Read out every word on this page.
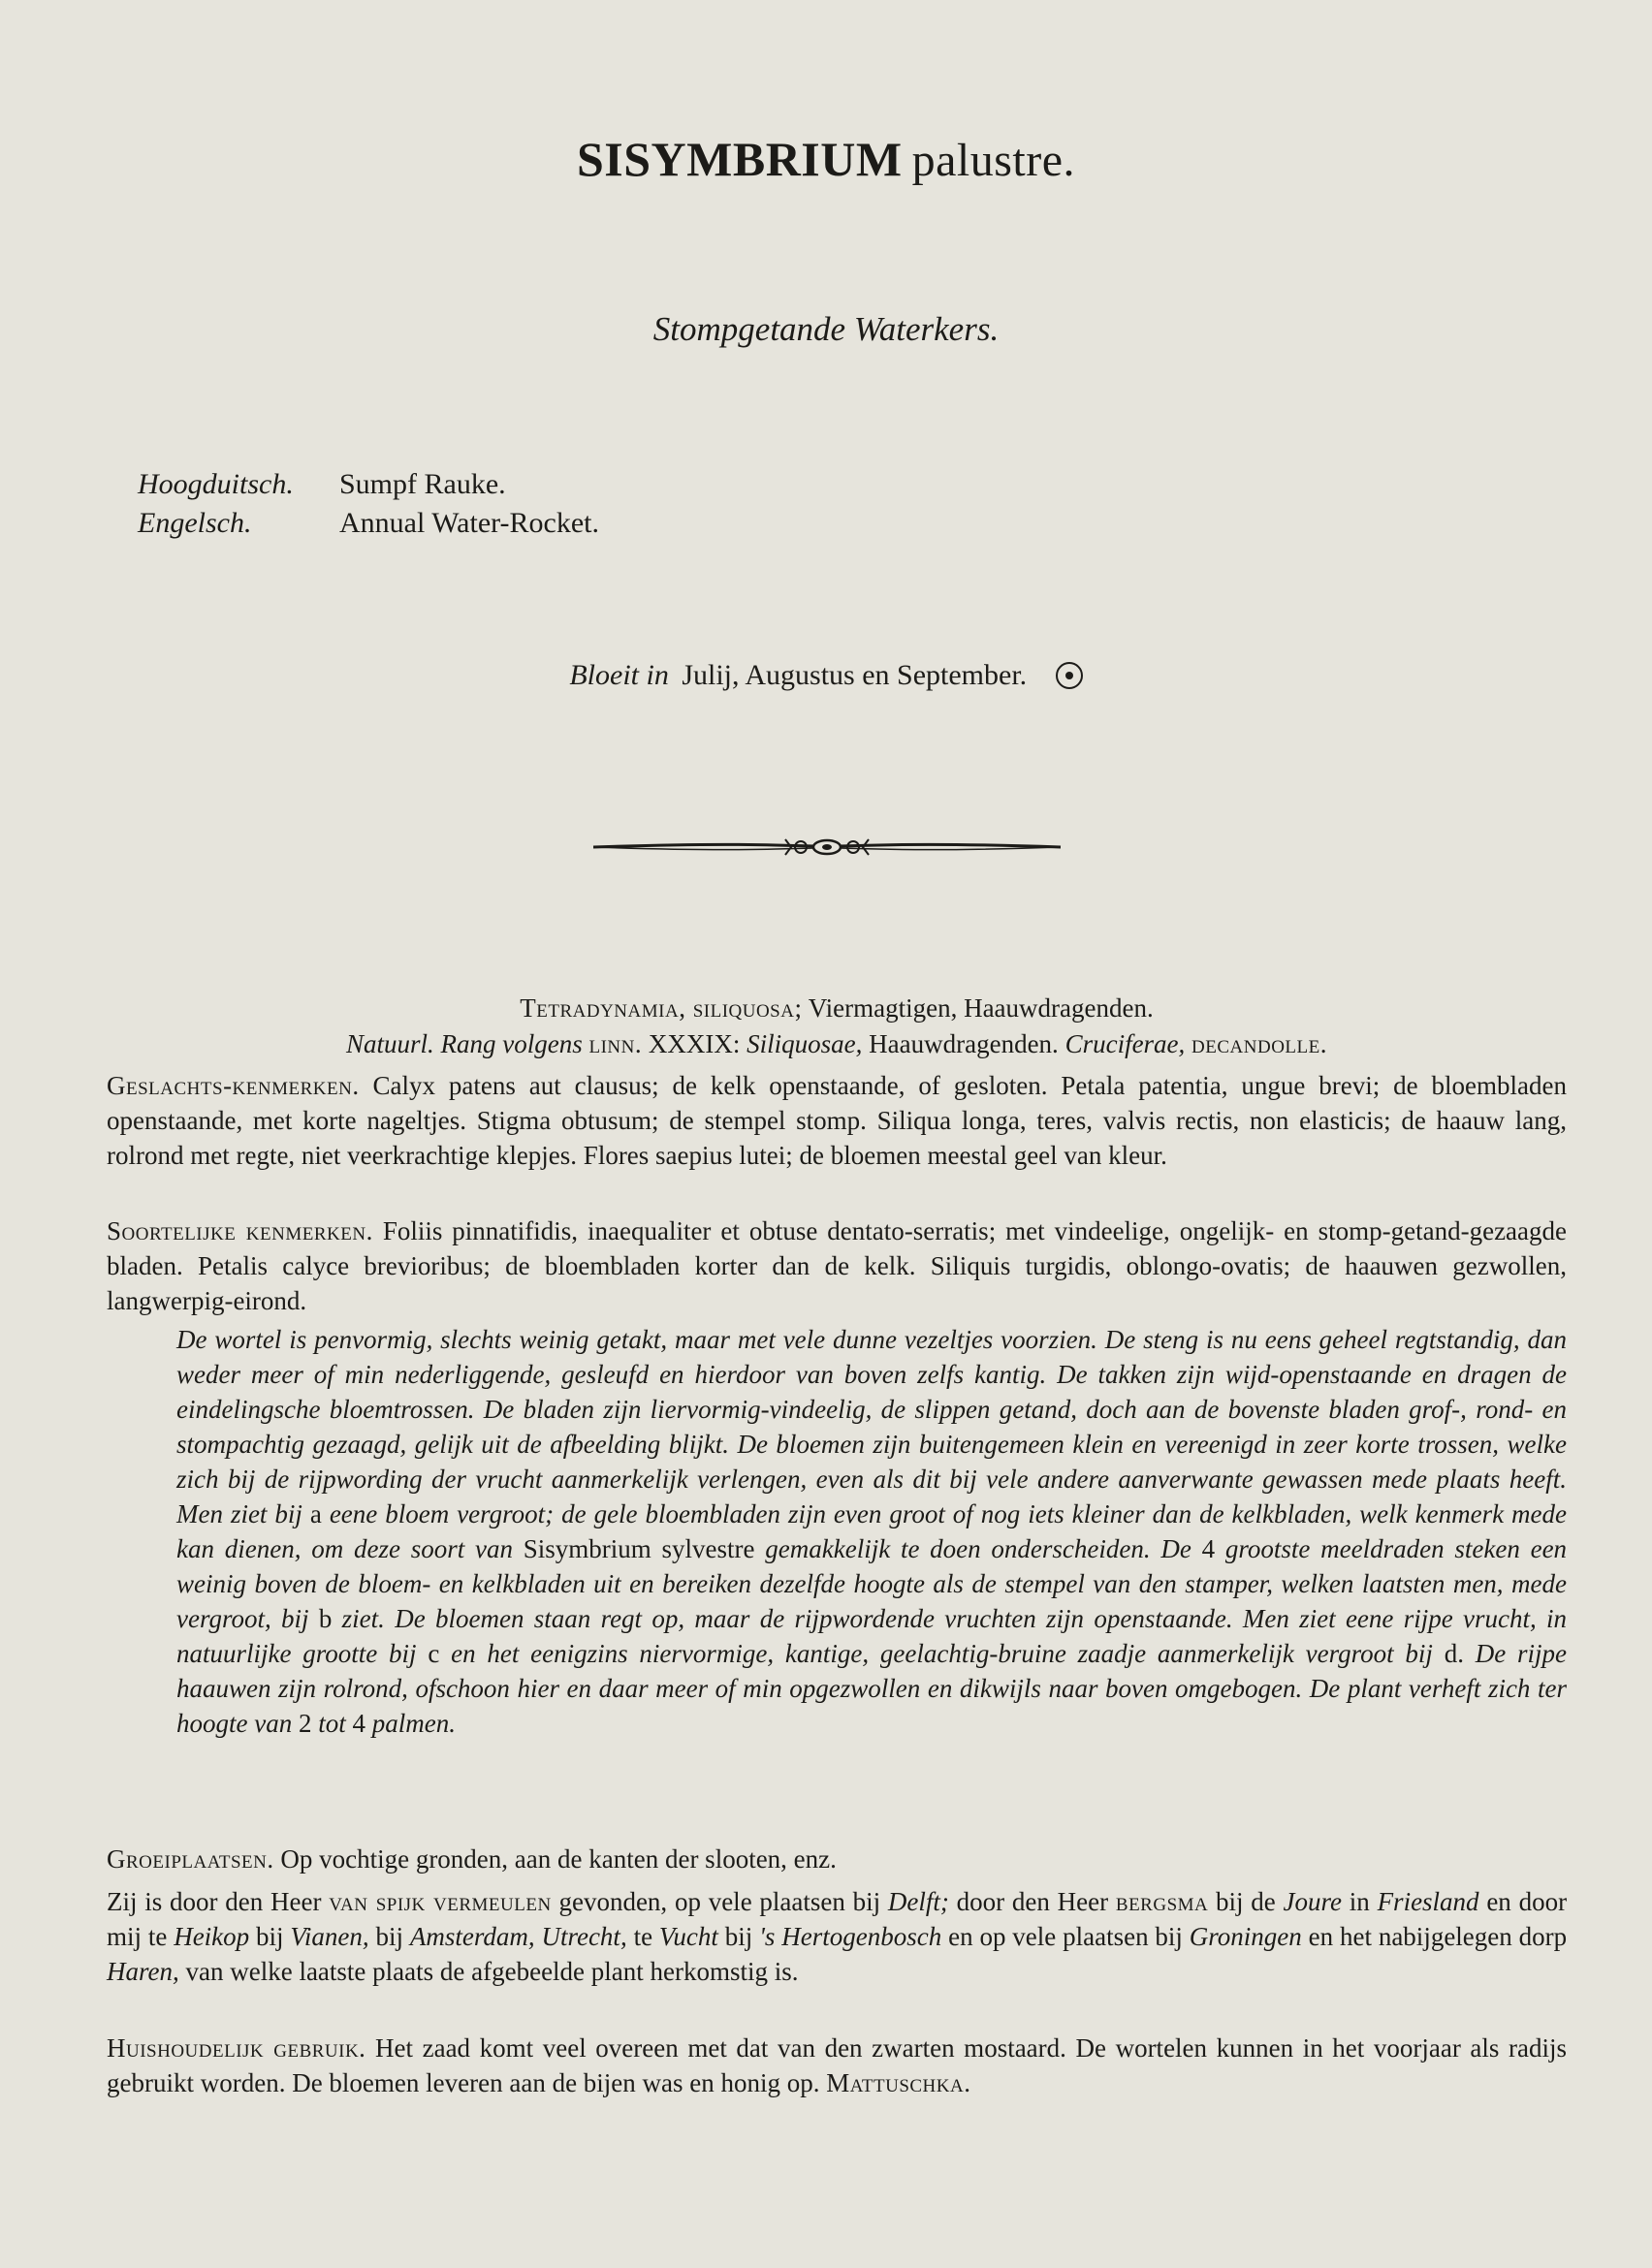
SISYMBRIUM palustre.
Stompgetande Waterkers.
Hoogduitsch. Sumpf Rauke.
Engelsch.	Annual Water-Rocket.
Bloeit in Julij, Augustus en September.

Tetradynamia, siliquosa; Viermagtigen, Haauwdragenden.

Natuurl. Rang volgens linn. XXXIX: Siliquosae, Haauwdragenden. Cruciferae, decandolle.

Geslachts-kenmerken. Calyx patens aut clausus; de kelk openstaande, of gesloten. Petala patentia, ungue brevi; de bloembladen openstaande, met korte nageltjes. Stigma obtusum; de stempel stomp. Siliqua longa, teres, valvis rectis, non elasticis; de haauw lang, rolrond met regte, niet veerkrachtige klepjes. Flores saepius lutei; de bloemen meestal geel van kleur.

Soortelijke kenmerken. Foliis pinnatifidis, inaequaliter et obtuse dentato-serratis; met vindeelige, ongelijk- en stomp-getand-gezaagde bladen. Petalis calyce brevioribus; de bloembladen korter dan de kelk. Siliquis turgidis, oblongo-ovatis; de haauwen gezwollen, langwerpig-eirond.

De wortel is penvormig, slechts weinig getakt, maar met vele dunne vezeltjes voorzien. De steng is nu eens geheel regtstandig, dan weder meer of min nederliggende, gesleufd en hierdoor van boven zelfs kantig. De takken zijn wijd-openstaande en dragen de eindelingsche bloemtrossen. De bladen zijn liervormig-vindeelig, de slippen getand, doch aan de bovenste bladen grof-, rond- en stompachtig gezaagd, gelijk uit de afbeelding blijkt. De bloemen zijn buitengemeen klein en vereenigd in zeer korte trossen, welke zich bij de rijpwording der vrucht aanmerkelijk verlengen, even als dit bij vele andere aanverwante gewassen mede plaats heeft. Men ziet bij a eene bloem vergroot; de gele bloembladen zijn even groot of nog iets kleiner dan de kelkbladen, welk kenmerk mede kan dienen, om deze soort van Sisymbrium sylvestre gemakkelijk te doen onderscheiden. De 4 grootste meeldraden steken een weinig boven de bloem- en kelkbladen uit en bereiken dezelfde hoogte als de stempel van den stamper, welken laatsten men, mede vergroot, bij b ziet. De bloemen staan regt op, maar de rijpwordende vruchten zijn openstaande. Men ziet eene rijpe vrucht, in natuurlijke grootte bij c en het eenigzins niervormige, kantige, geelachtig-bruine zaadje aanmerkelijk vergroot bij d. De rijpe haauwen zijn rolrond, ofschoon hier en daar meer of min opgezwollen en dikwijls naar boven omgebogen. De plant verheft zich ter hoogte van 2 tot 4 palmen.

Groeiplaatsen. Op vochtige gronden, aan de kanten der slooten, enz.

Zij is door den Heer van spijk vermeulen gevonden, op vele plaatsen bij Delft; door den Heer bergsma bij de Joure in Friesland en door mij te Heikop bij Vianen, bij Amsterdam, Utrecht, te Vucht bij 's Hertogenbosch en op vele plaatsen bij Groningen en het nabijgelegen dorp Haren, van welke laatste plaats de afgebeelde plant herkomstig is.

Huishoudelijk gebruik. Het zaad komt veel overeen met dat van den zwarten mostaard. De wortelen kunnen in het voorjaar als radijs gebruikt worden. De bloemen leveren aan de bijen was en honig op. Mattuschka.
